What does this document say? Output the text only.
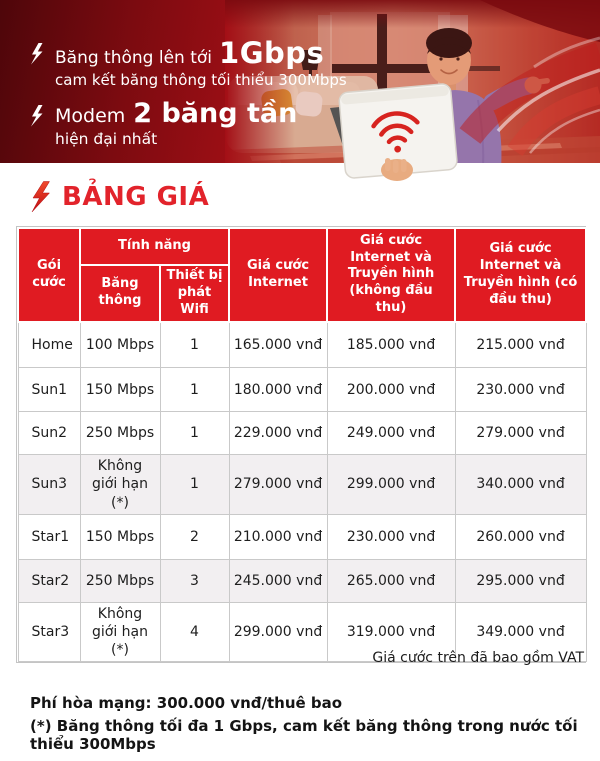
Băng thông lên tới 1Gbps
cam kết băng thông tối thiểu 300Mbps
Modem 2 băng tần
hiện đại nhất
BẢNG GIÁ
Gói cước	Tính năng		Giá cước Internet	Giá cước Internet và Truyền hình (không đầu thu)	Giá cước Internet và Truyền hình (có đầu thu)
	Băng thông	Thiết bị phát Wifi			
Home	100 Mbps	1	165.000 vnđ	185.000 vnđ	215.000 vnđ
Sun1	150 Mbps	1	180.000 vnđ	200.000 vnđ	230.000 vnđ
Sun2	250 Mbps	1	229.000 vnđ	249.000 vnđ	279.000 vnđ
Sun3	Không giới hạn (*)	1	279.000 vnđ	299.000 vnđ	340.000 vnđ
Star1	150 Mbps	2	210.000 vnđ	230.000 vnđ	260.000 vnđ
Star2	250 Mbps	3	245.000 vnđ	265.000 vnđ	295.000 vnđ
Star3	Không giới hạn (*)	4	299.000 vnđ	319.000 vnđ	349.000 vnđ
Giá cước trên đã bao gồm VAT
Phí hòa mạng: 300.000 vnđ/thuê bao
(*) Băng thông tối đa 1 Gbps, cam kết băng thông trong nước tối thiểu 300Mbps
